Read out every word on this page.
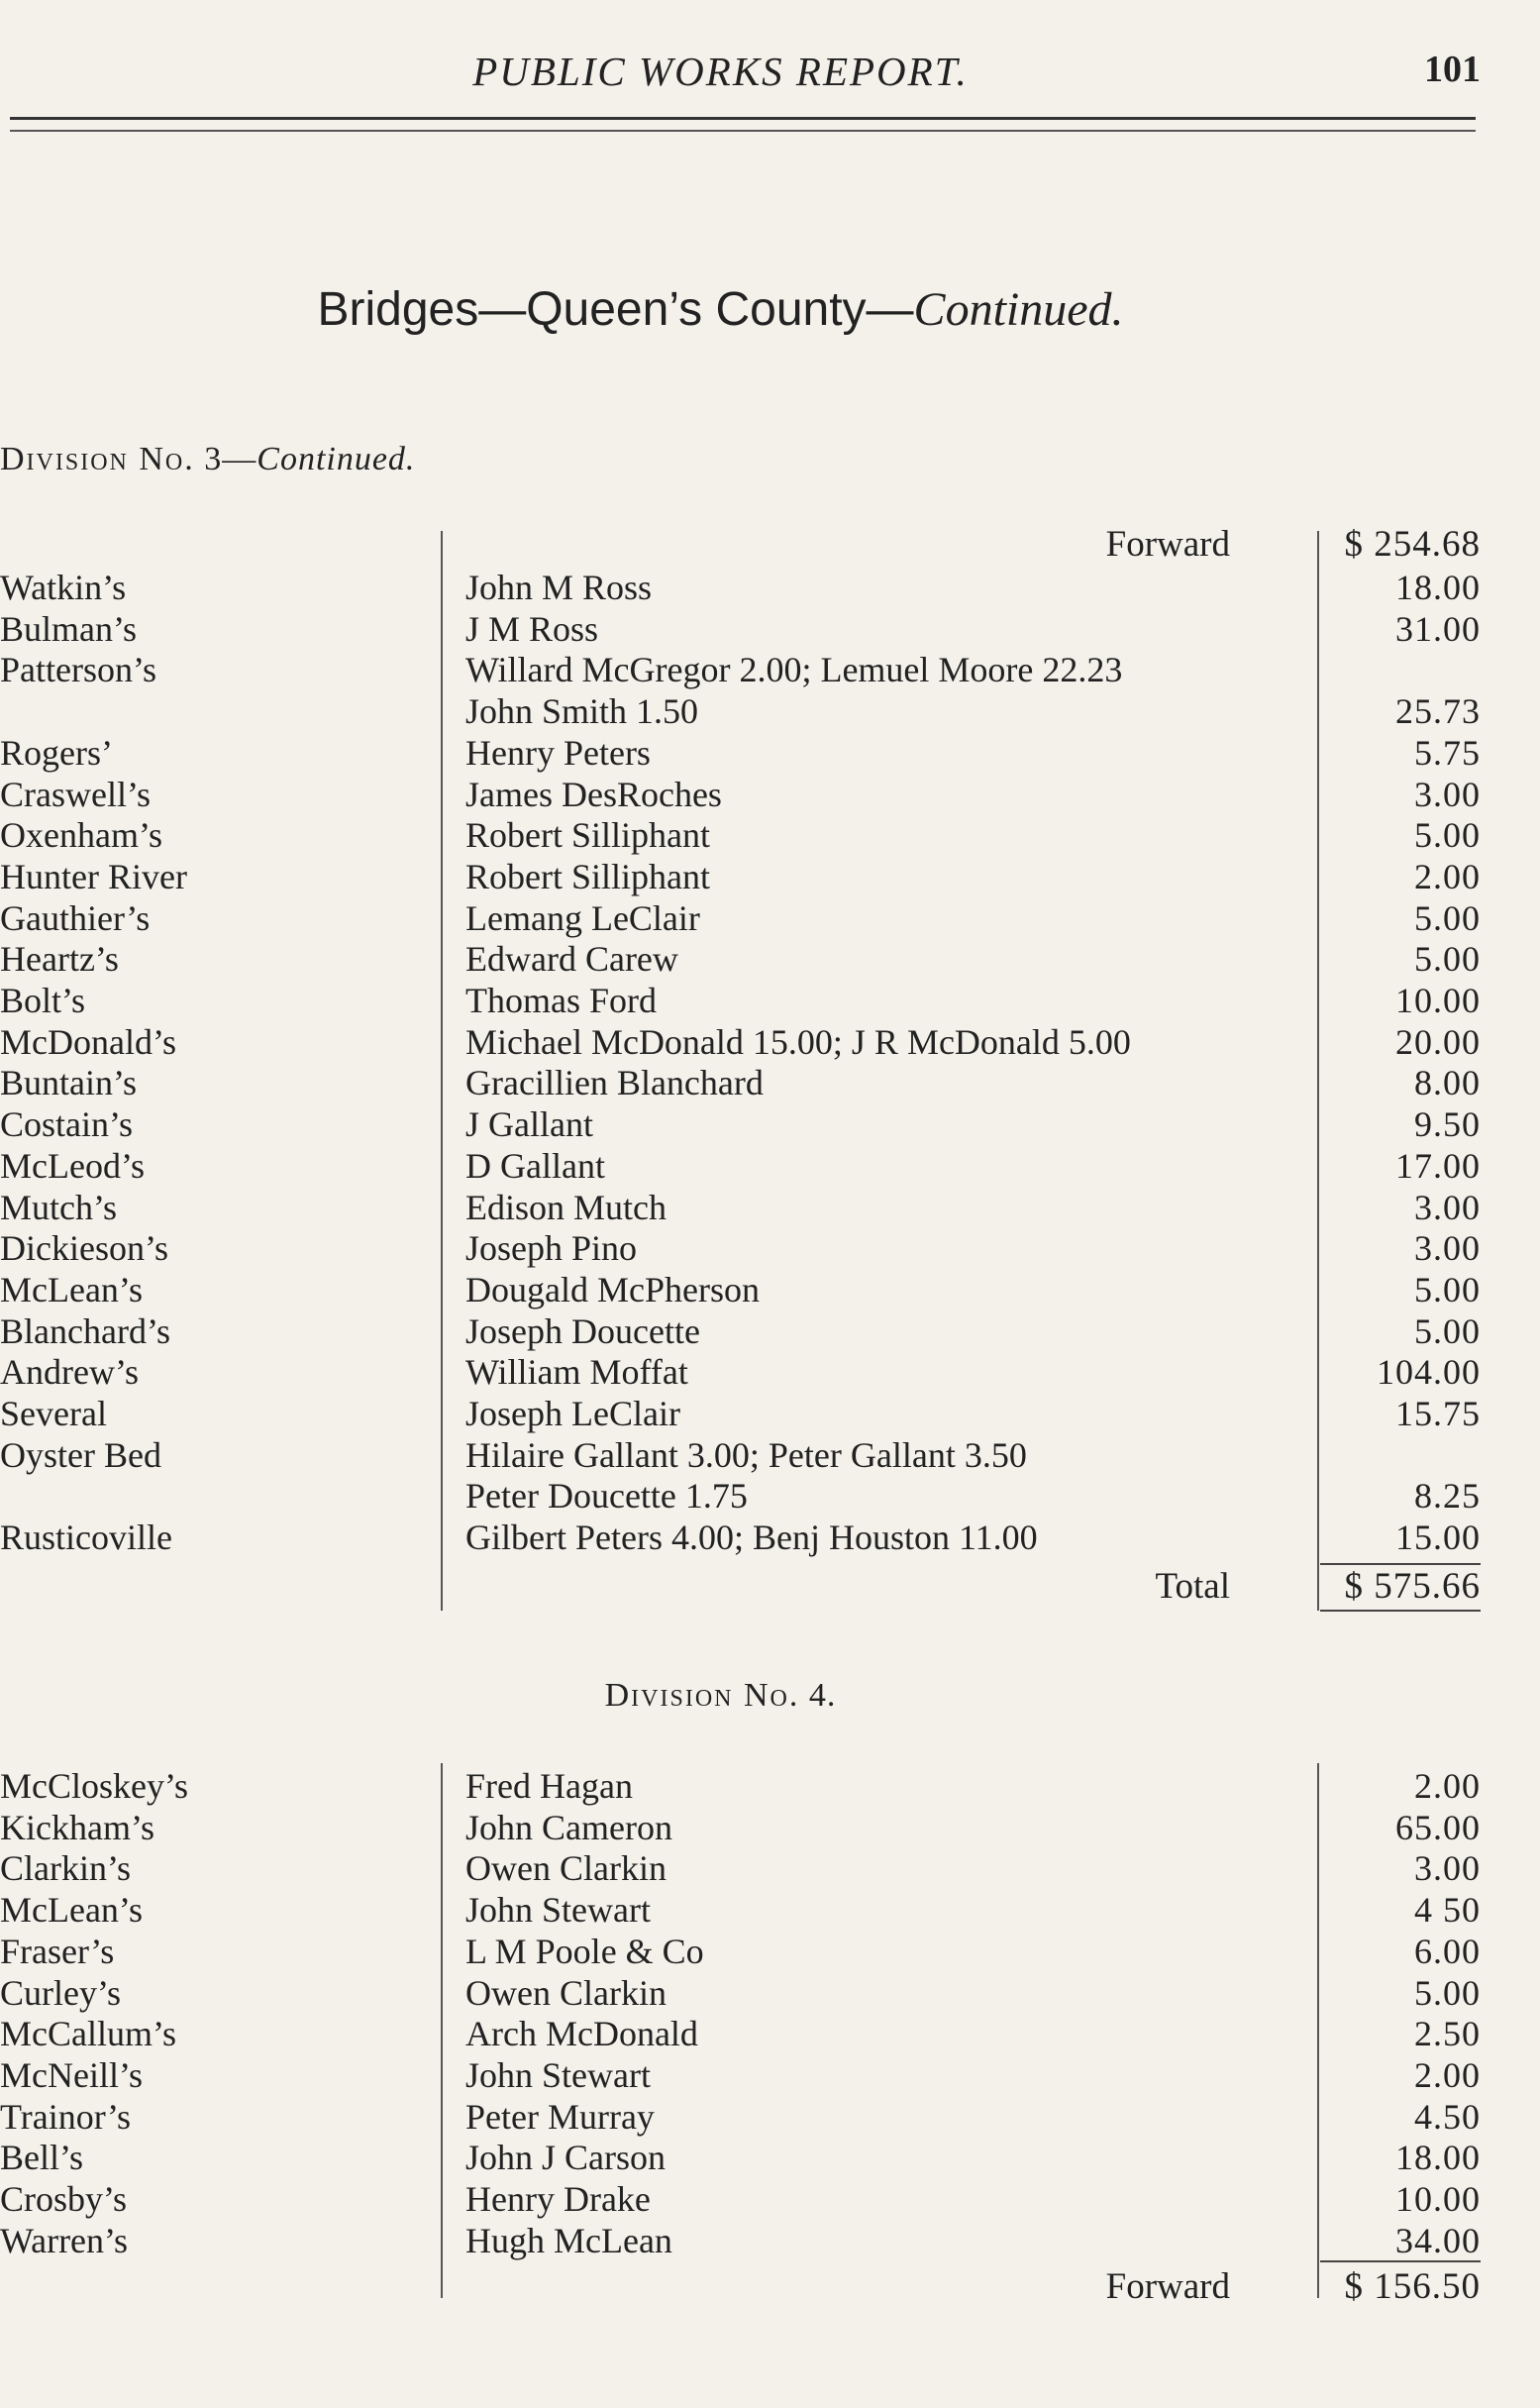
PUBLIC WORKS REPORT.	101
Bridges—Queen’s County—Continued.
Division No. 3—Continued.
Forward	$ 254.68
Watkin’s	John M Ross	18.00
Bulman’s	J M Ross	31.00
Patterson’s	Willard McGregor 2.00; Lemuel Moore 22.23
John Smith 1.50	25.73
Rogers’	Henry Peters	5.75
Craswell’s	James DesRoches	3.00
Oxenham’s	Robert Silliphant	5.00
Hunter River	Robert Silliphant	2.00
Gauthier’s	Lemang LeClair	5.00
Heartz’s	Edward Carew	5.00
Bolt’s	Thomas Ford	10.00
McDonald’s	Michael McDonald 15.00; J R McDonald 5.00	20.00
Buntain’s	Gracillien Blanchard	8.00
Costain’s	J Gallant	9.50
McLeod’s	D Gallant	17.00
Mutch’s	Edison Mutch	3.00
Dickieson’s	Joseph Pino	3.00
McLean’s	Dougald McPherson	5.00
Blanchard’s	Joseph Doucette	5.00
Andrew’s	William Moffat	104.00
Several	Joseph LeClair	15.75
Oyster Bed	Hilaire Gallant 3.00; Peter Gallant 3.50
Peter Doucette 1.75	8.25
Rusticoville	Gilbert Peters 4.00; Benj Houston 11.00	15.00
Total	$ 575.66
Division No. 4.
McCloskey’s	Fred Hagan	2.00
Kickham’s	John Cameron	65.00
Clarkin’s	Owen Clarkin	3.00
McLean’s	John Stewart	4 50
Fraser’s	L M Poole & Co	6.00
Curley’s	Owen Clarkin	5.00
McCallum’s	Arch McDonald	2.50
McNeill’s	John Stewart	2.00
Trainor’s	Peter Murray	4.50
Bell’s	John J Carson	18.00
Crosby’s	Henry Drake	10.00
Warren’s	Hugh McLean	34.00
Forward	$ 156.50
